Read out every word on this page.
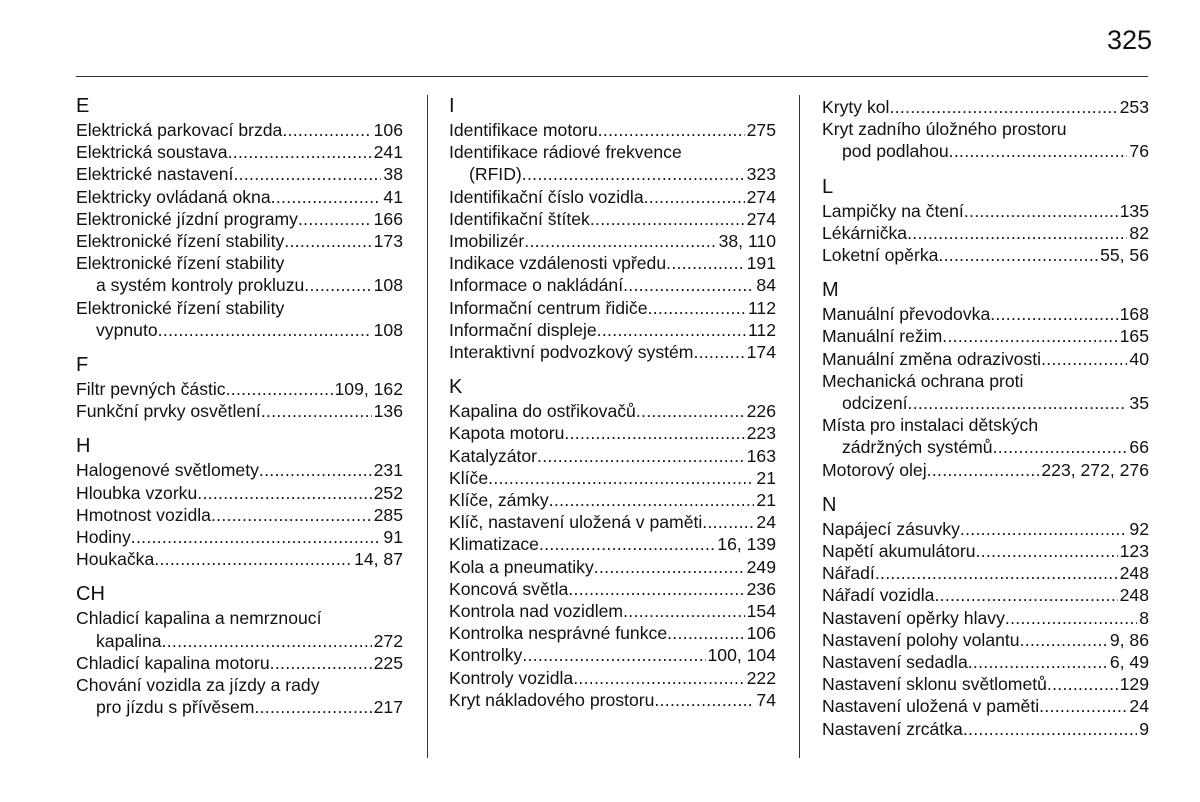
325
E
Elektrická parkovací brzda .....	106
Elektrická soustava .....	241
Elektrické nastavení .....	38
Elektricky ovládaná okna .....	41
Elektronické jízdní programy .....	166
Elektronické řízení stability .....	173
Elektronické řízení stability
a systém kontroly prokluzu .....	108
Elektronické řízení stability
vypnuto .....	108
F
Filtr pevných částic .....	109, 162
Funkční prvky osvětlení .....	136
H
Halogenové světlomety .....	231
Hloubka vzorku .....	252
Hmotnost vozidla .....	285
Hodiny .....	91
Houkačka .....	14, 87
CH
Chladicí kapalina a nemrznoucí
kapalina .....	272
Chladicí kapalina motoru .....	225
Chování vozidla za jízdy a rady
pro jízdu s přívěsem .....	217
I
Identifikace motoru .....	275
Identifikace rádiové frekvence
(RFID) .....	323
Identifikační číslo vozidla .....	274
Identifikační štítek .....	274
Imobilizér .....	38, 110
Indikace vzdálenosti vpředu .....	191
Informace o nakládání .....	84
Informační centrum řidiče .....	112
Informační displeje .....	112
Interaktivní podvozkový systém .....	174
K
Kapalina do ostřikovačů .....	226
Kapota motoru .....	223
Katalyzátor .....	163
Klíče .....	21
Klíče, zámky .....	21
Klíč, nastavení uložená v paměti .....	24
Klimatizace .....	16, 139
Kola a pneumatiky .....	249
Koncová světla .....	236
Kontrola nad vozidlem .....	154
Kontrolka nesprávné funkce .....	106
Kontrolky .....	100, 104
Kontroly vozidla .....	222
Kryt nákladového prostoru .....	74
Kryty kol .....	253
Kryt zadního úložného prostoru
pod podlahou .....	76
L
Lampičky na čtení .....	135
Lékárnička .....	82
Loketní opěrka .....	55, 56
M
Manuální převodovka .....	168
Manuální režim .....	165
Manuální změna odrazivosti .....	40
Mechanická ochrana proti
odcizení .....	35
Místa pro instalaci dětských
zádržných systémů .....	66
Motorový olej .....	223, 272, 276
N
Napájecí zásuvky .....	92
Napětí akumulátoru .....	123
Nářadí .....	248
Nářadí vozidla .....	248
Nastavení opěrky hlavy .....	8
Nastavení polohy volantu .....	9, 86
Nastavení sedadla .....	6, 49
Nastavení sklonu světlometů .....	129
Nastavení uložená v paměti .....	24
Nastavení zrcátka .....	9
